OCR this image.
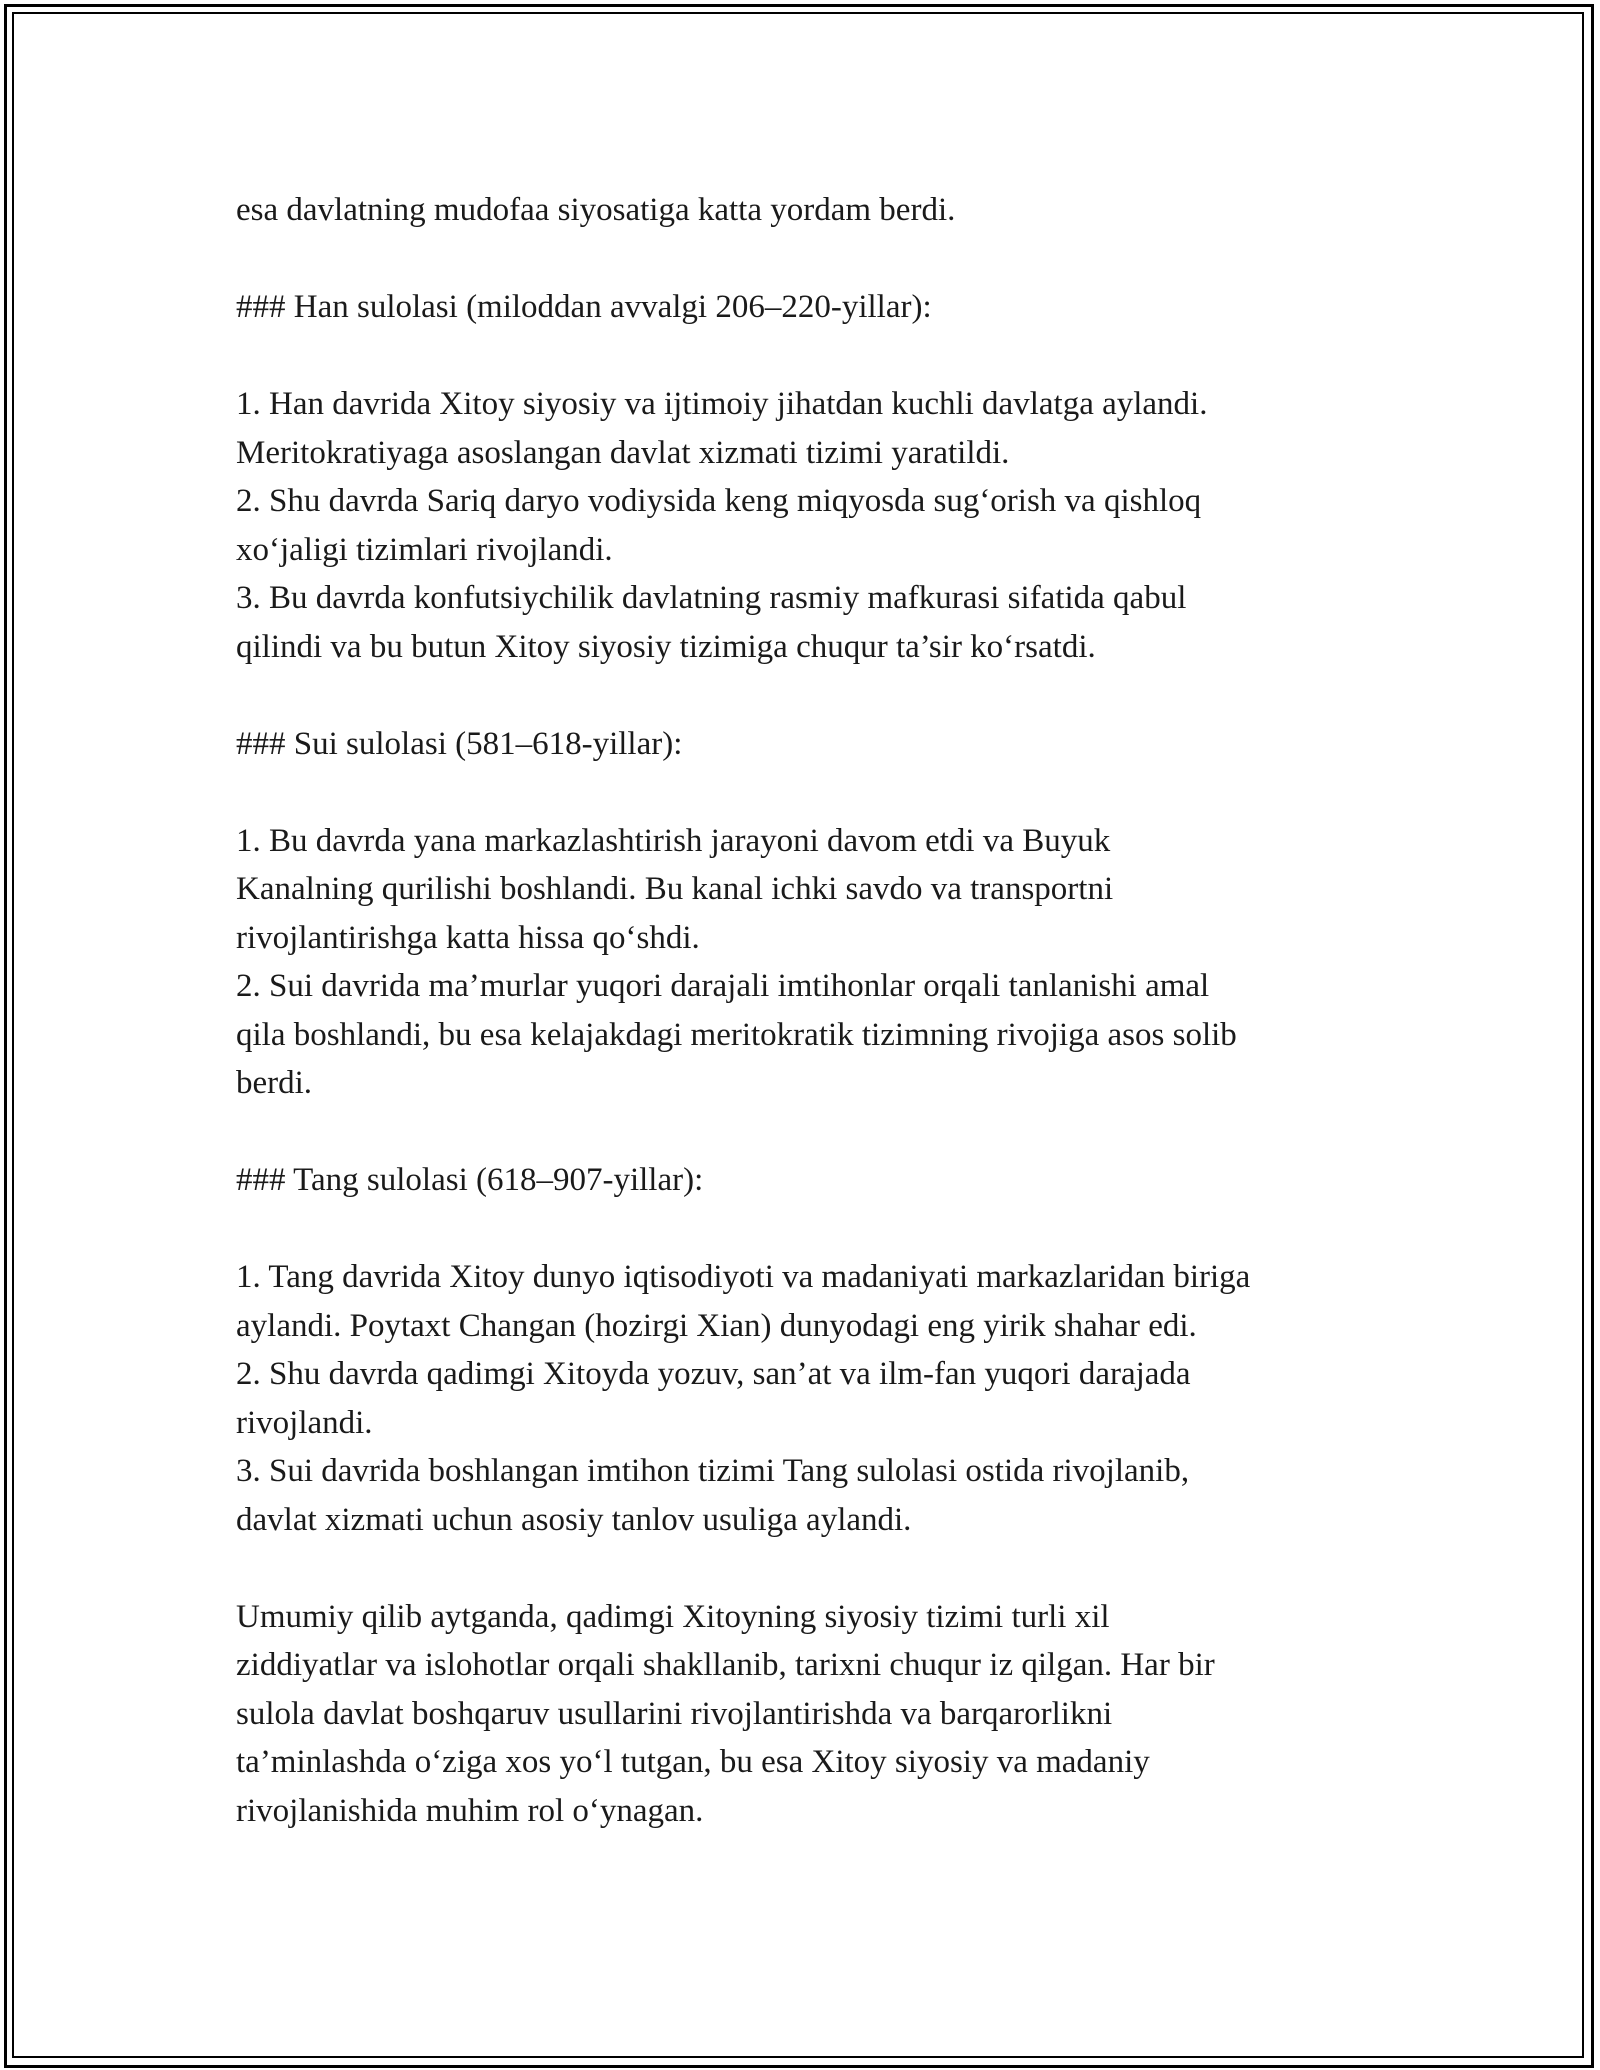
esa davlatning mudofaa siyosatiga katta yordam berdi.

### Han sulolasi (miloddan avvalgi 206–220-yillar):

1. Han davrida Xitoy siyosiy va ijtimoiy jihatdan kuchli davlatga aylandi.
Meritokratiyaga asoslangan davlat xizmati tizimi yaratildi.
2. Shu davrda Sariq daryo vodiysida keng miqyosda sug‘orish va qishloq
xo‘jaligi tizimlari rivojlandi.
3. Bu davrda konfutsiychilik davlatning rasmiy mafkurasi sifatida qabul
qilindi va bu butun Xitoy siyosiy tizimiga chuqur ta’sir ko‘rsatdi.

### Sui sulolasi (581–618-yillar):

1. Bu davrda yana markazlashtirish jarayoni davom etdi va Buyuk
Kanalning qurilishi boshlandi. Bu kanal ichki savdo va transportni
rivojlantirishga katta hissa qo‘shdi.
2. Sui davrida ma’murlar yuqori darajali imtihonlar orqali tanlanishi amal
qila boshlandi, bu esa kelajakdagi meritokratik tizimning rivojiga asos solib
berdi.

### Tang sulolasi (618–907-yillar):

1. Tang davrida Xitoy dunyo iqtisodiyoti va madaniyati markazlaridan biriga
aylandi. Poytaxt Changan (hozirgi Xian) dunyodagi eng yirik shahar edi.
2. Shu davrda qadimgi Xitoyda yozuv, san’at va ilm-fan yuqori darajada
rivojlandi.
3. Sui davrida boshlangan imtihon tizimi Tang sulolasi ostida rivojlanib,
davlat xizmati uchun asosiy tanlov usuliga aylandi.

Umumiy qilib aytganda, qadimgi Xitoyning siyosiy tizimi turli xil
ziddiyatlar va islohotlar orqali shakllanib, tarixni chuqur iz qilgan. Har bir
sulola davlat boshqaruv usullarini rivojlantirishda va barqarorlikni
ta’minlashda o‘ziga xos yo‘l tutgan, bu esa Xitoy siyosiy va madaniy
rivojlanishida muhim rol o‘ynagan.
